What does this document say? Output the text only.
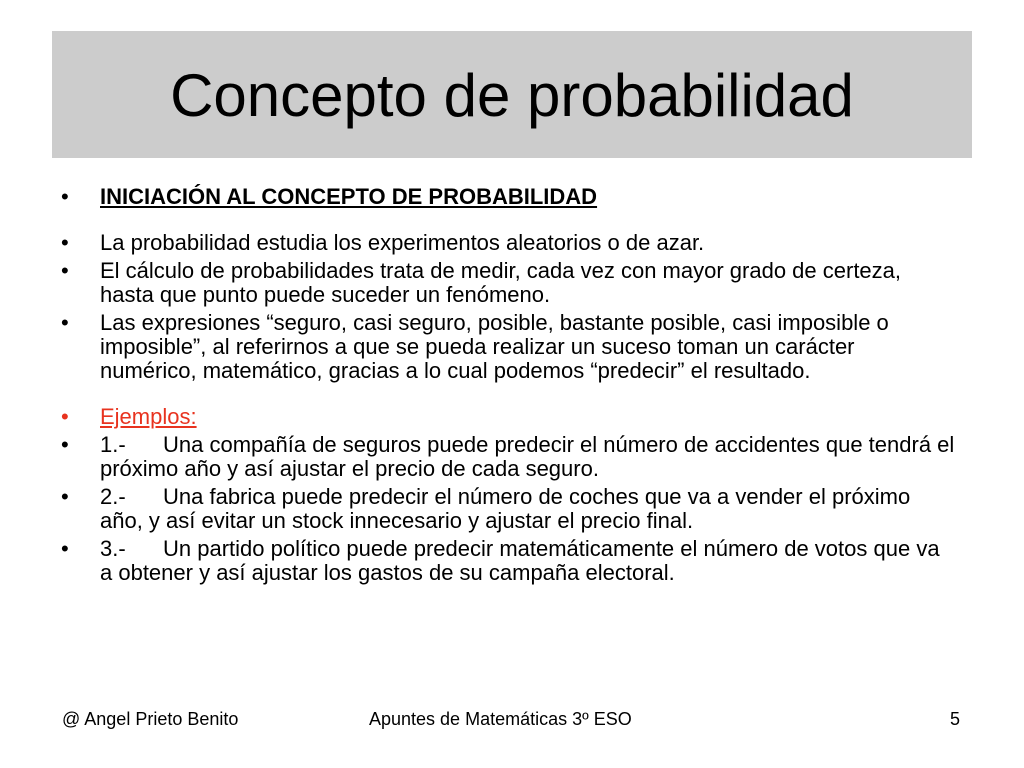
Concepto de probabilidad
• INICIACIÓN AL CONCEPTO DE PROBABILIDAD
• La probabilidad estudia los experimentos aleatorios o de azar.
• El cálculo de probabilidades trata de medir, cada vez con mayor grado de certeza, hasta que punto puede suceder un fenómeno.
• Las expresiones “seguro, casi seguro, posible, bastante posible, casi imposible o imposible”, al referirnos a que se pueda realizar un suceso toman un carácter numérico, matemático, gracias a lo cual podemos “predecir” el resultado.
• Ejemplos:
• 1.- Una compañía de seguros puede predecir el número de accidentes que tendrá el próximo año y así ajustar el precio de cada seguro.
• 2.- Una fabrica puede predecir el número de coches que va a vender el próximo año, y así evitar un stock innecesario y ajustar el precio final.
• 3.- Un partido político puede predecir matemáticamente el número de votos que va a obtener y así ajustar los gastos de su campaña electoral.
@ Angel Prieto Benito	Apuntes de Matemáticas 3º ESO	5
